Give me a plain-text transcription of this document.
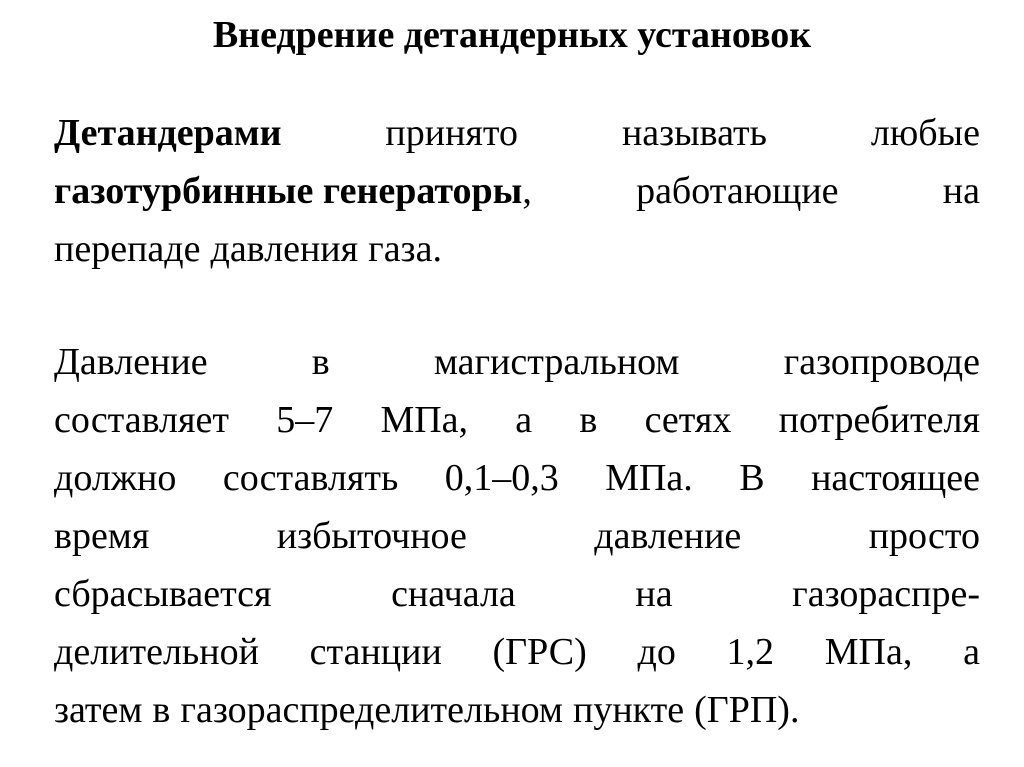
Внедрение детандерных установок
Детандерами	принято	называть	любые
газотурбинные генераторы,	работающие	на
перепаде давления газа.
Давление	в	магистральном	газопроводе
составляет 5–7 МПа, а в сетях потребителя
должно составлять 0,1–0,3 МПа. В настоящее
время	избыточное	давление	просто
сбрасывается	сначала	на	газораспре-
делительной станции (ГРС) до 1,2 МПа, а
затем в газораспределительном пункте (ГРП).
